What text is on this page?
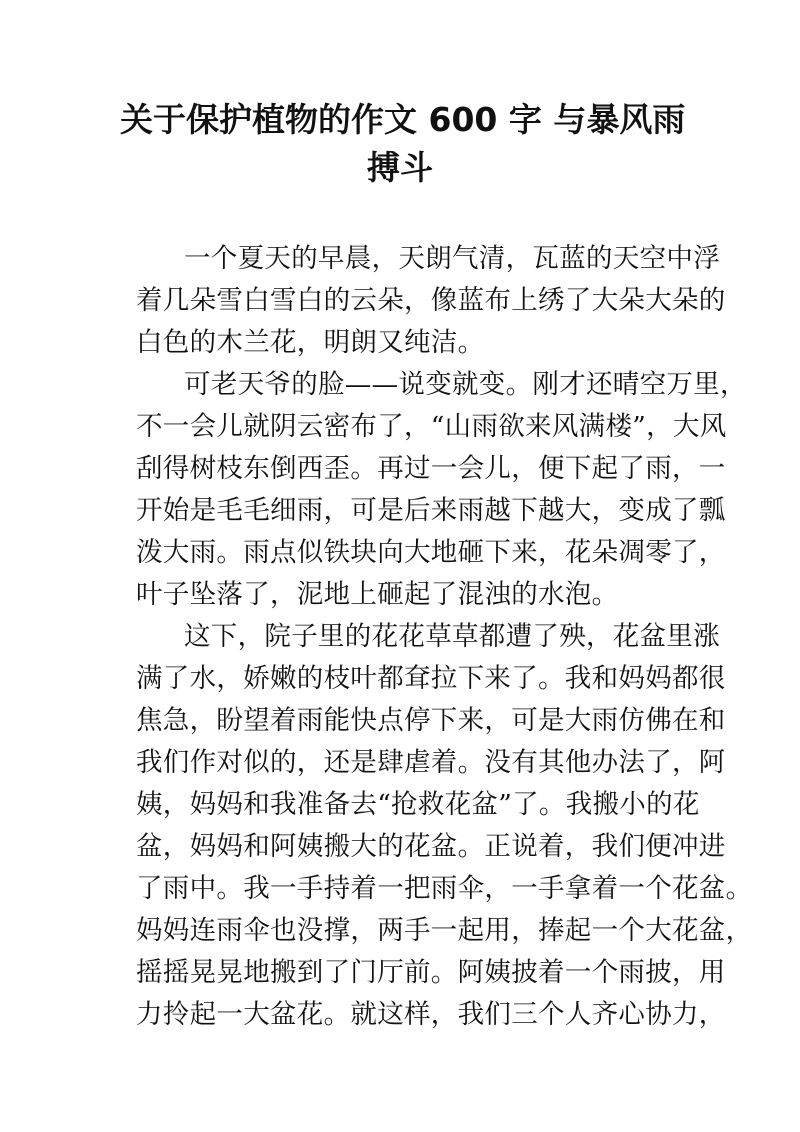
关于保护植物的作文 600 字 与暴风雨
搏斗
一个夏天的早晨，天朗气清，瓦蓝的天空中浮
着几朵雪白雪白的云朵，像蓝布上绣了大朵大朵的
白色的木兰花，明朗又纯洁。
可老天爷的脸——说变就变。刚才还晴空万里，
不一会儿就阴云密布了，“山雨欲来风满楼”，大风
刮得树枝东倒西歪。再过一会儿，便下起了雨，一
开始是毛毛细雨，可是后来雨越下越大，变成了瓢
泼大雨。雨点似铁块向大地砸下来，花朵凋零了，
叶子坠落了，泥地上砸起了混浊的水泡。
这下，院子里的花花草草都遭了殃，花盆里涨
满了水，娇嫩的枝叶都耷拉下来了。我和妈妈都很
焦急，盼望着雨能快点停下来，可是大雨仿佛在和
我们作对似的，还是肆虐着。没有其他办法了，阿
姨，妈妈和我准备去“抢救花盆”了。我搬小的花
盆，妈妈和阿姨搬大的花盆。正说着，我们便冲进
了雨中。我一手持着一把雨伞，一手拿着一个花盆。
妈妈连雨伞也没撑，两手一起用，捧起一个大花盆，
摇摇晃晃地搬到了门厅前。阿姨披着一个雨披，用
力拎起一大盆花。就这样，我们三个人齐心协力，
